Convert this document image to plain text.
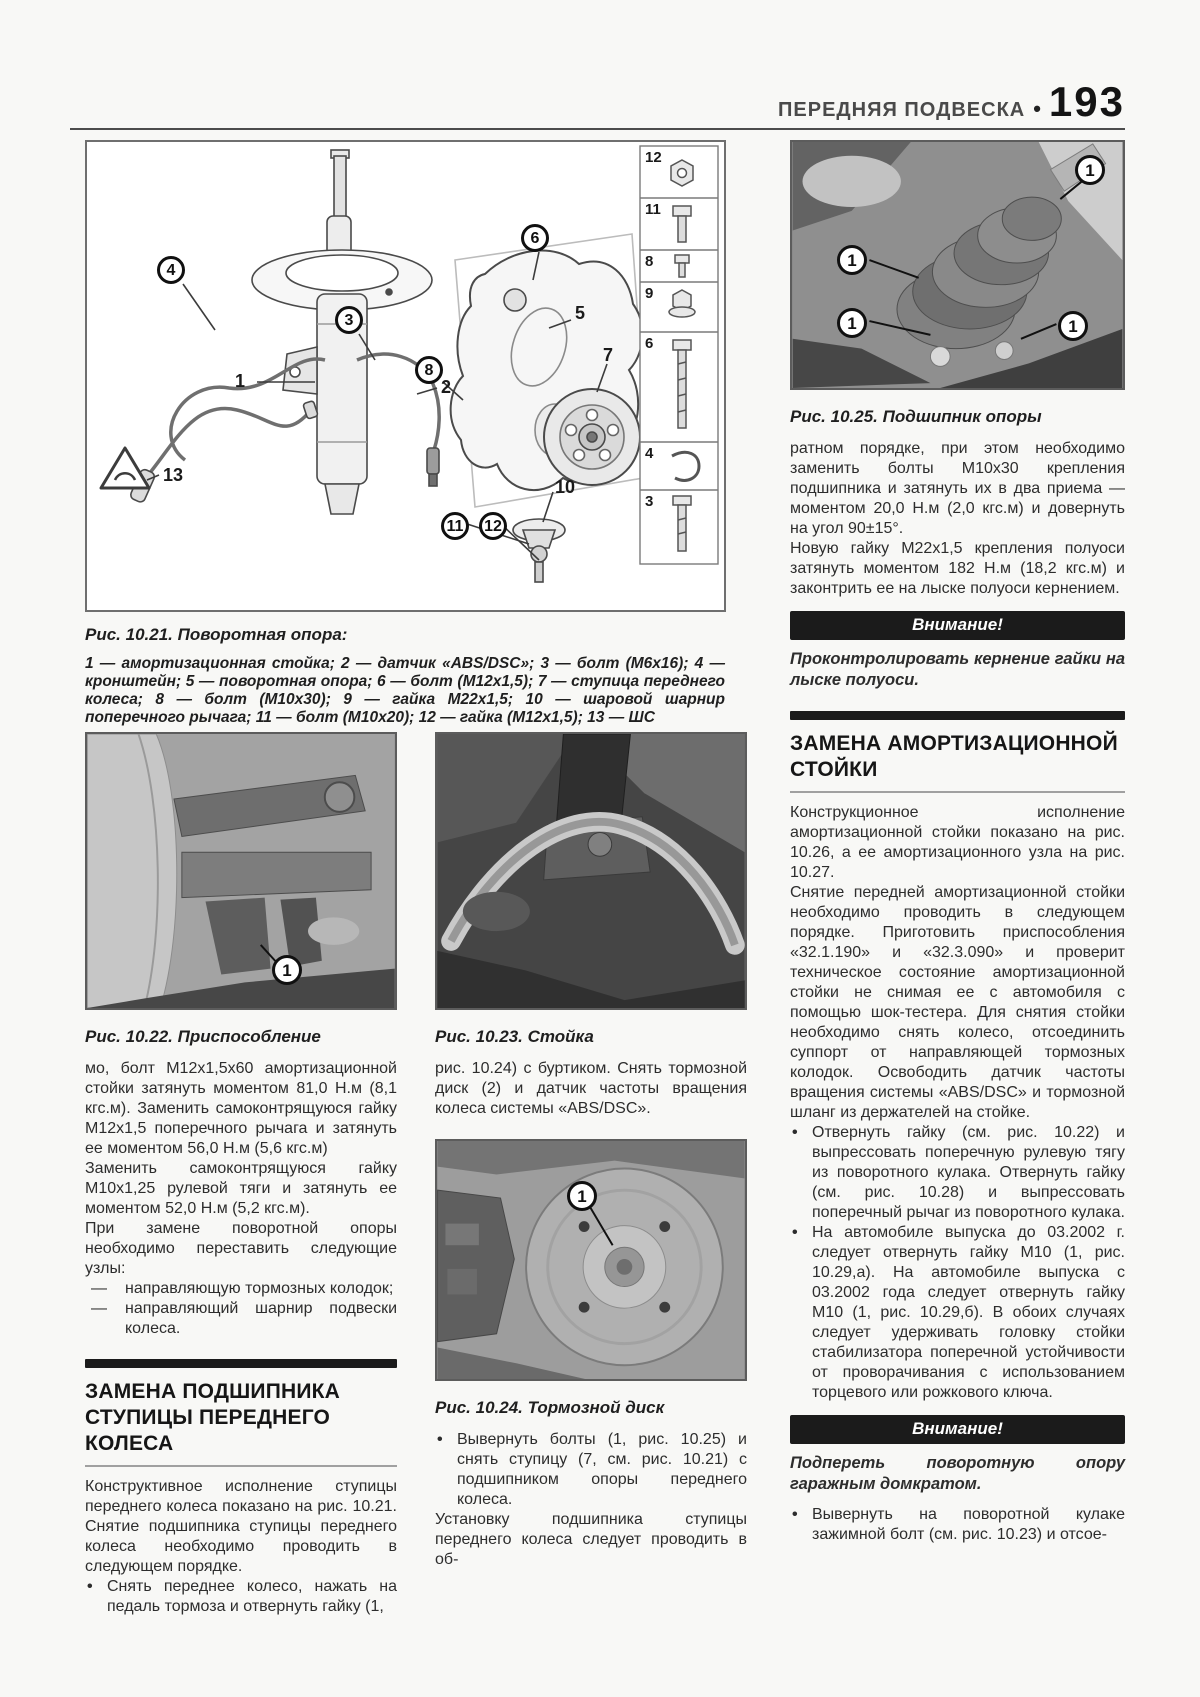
ПЕРЕДНЯЯ ПОДВЕСКА • 193
4
3
6
8
11	12
1	2
5
7
10
13
12
11
8
9
6
4
3
Рис. 10.21. Поворотная опора:
1 — амортизационная стойка; 2 — датчик «ABS/DSC»; 3 — болт (М6х16); 4 — кронштейн; 5 — поворотная опора; 6 — болт (М12х1,5); 7 — ступица переднего колеса; 8 — болт (М10х30); 9 — гайка М22х1,5; 10 — шаровой шарнир поперечного рычага; 11 — болт (М10х20); 12 — гайка (М12х1,5); 13 — ШС
1
Рис. 10.22. Приспособление

мо, болт М12х1,5х60 амортизационной стойки затянуть моментом 81,0 Н.м (8,1 кгс.м). Заменить самоконтрящуюся гайку М12х1,5 поперечного рычага и затянуть ее моментом 56,0 Н.м (5,6 кгс.м)

Заменить самоконтрящуюся гайку М10х1,25 рулевой тяги и затянуть ее моментом 52,0 Н.м (5,2 кгс.м).

При замене поворотной опоры необходимо переставить следующие узлы:

— направляющую тормозных колодок;
— направляющий шарнир подвески колеса.
ЗАМЕНА ПОДШИПНИКА СТУПИЦЫ ПЕРЕДНЕГО КОЛЕСА

Конструктивное исполнение ступицы переднего колеса показано на рис. 10.21. Снятие подшипника ступицы переднего колеса необходимо проводить в следующем порядке.

• Снять переднее колесо, нажать на педаль тормоза и отвернуть гайку (1,
Рис. 10.23. Стойка

рис. 10.24) с буртиком. Снять тормозной диск (2) и датчик частоты вращения колеса системы «ABS/DSC».

1
Рис. 10.24. Тормозной диск
• Вывернуть болты (1, рис. 10.25) и снять ступицу (7, см. рис. 10.21) с подшипником опоры переднего колеса.

Установку подшипника ступицы переднего колеса следует проводить в об-

1
1
1	1
Рис. 10.25. Подшипник опоры

ратном порядке, при этом необходимо заменить болты М10х30 крепления подшипника и затянуть их в два приема — моментом 20,0 Н.м (2,0 кгс.м) и довернуть на угол 90±15°.

Новую гайку М22х1,5 крепления полуоси затянуть моментом 182 Н.м (18,2 кгс.м) и законтрить ее на лыске полуоси кернением.

Внимание!
Проконтролировать кернение гайки на лыске полуоси.
ЗАМЕНА АМОРТИЗАЦИОННОЙ СТОЙКИ

Конструкционное исполнение амортизационной стойки показано на рис. 10.26, а ее амортизационного узла на рис. 10.27.

Снятие передней амортизационной стойки необходимо проводить в следующем порядке. Приготовить приспособления «32.1.190» и «32.3.090» и проверит техническое состояние амортизационной стойки не снимая ее с автомобиля с помощью шок-тестера. Для снятия стойки необходимо снять колесо, отсоединить суппорт от направляющей тормозных колодок. Освободить датчик частоты вращения системы «ABS/DSC» и тормозной шланг из держателей на стойке.

• Отвернуть гайку (см. рис. 10.22) и выпрессовать поперечную рулевую тягу из поворотного кулака. Отвернуть гайку (см. рис. 10.28) и выпрессовать поперечный рычаг из поворотного кулака.
• На автомобиле выпуска до 03.2002 г. следует отвернуть гайку М10 (1, рис. 10.29,а). На автомобиле выпуска с 03.2002 года следует отвернуть гайку М10 (1, рис. 10.29,б). В обоих случаях следует удерживать головку стойки стабилизатора поперечной устойчивости от проворачивания с использованием торцевого или рожкового ключа.
Внимание!
Подпереть поворотную опору гаражным домкратом.
• Вывернуть на поворотной кулаке зажимной болт (см. рис. 10.23) и отсое-
